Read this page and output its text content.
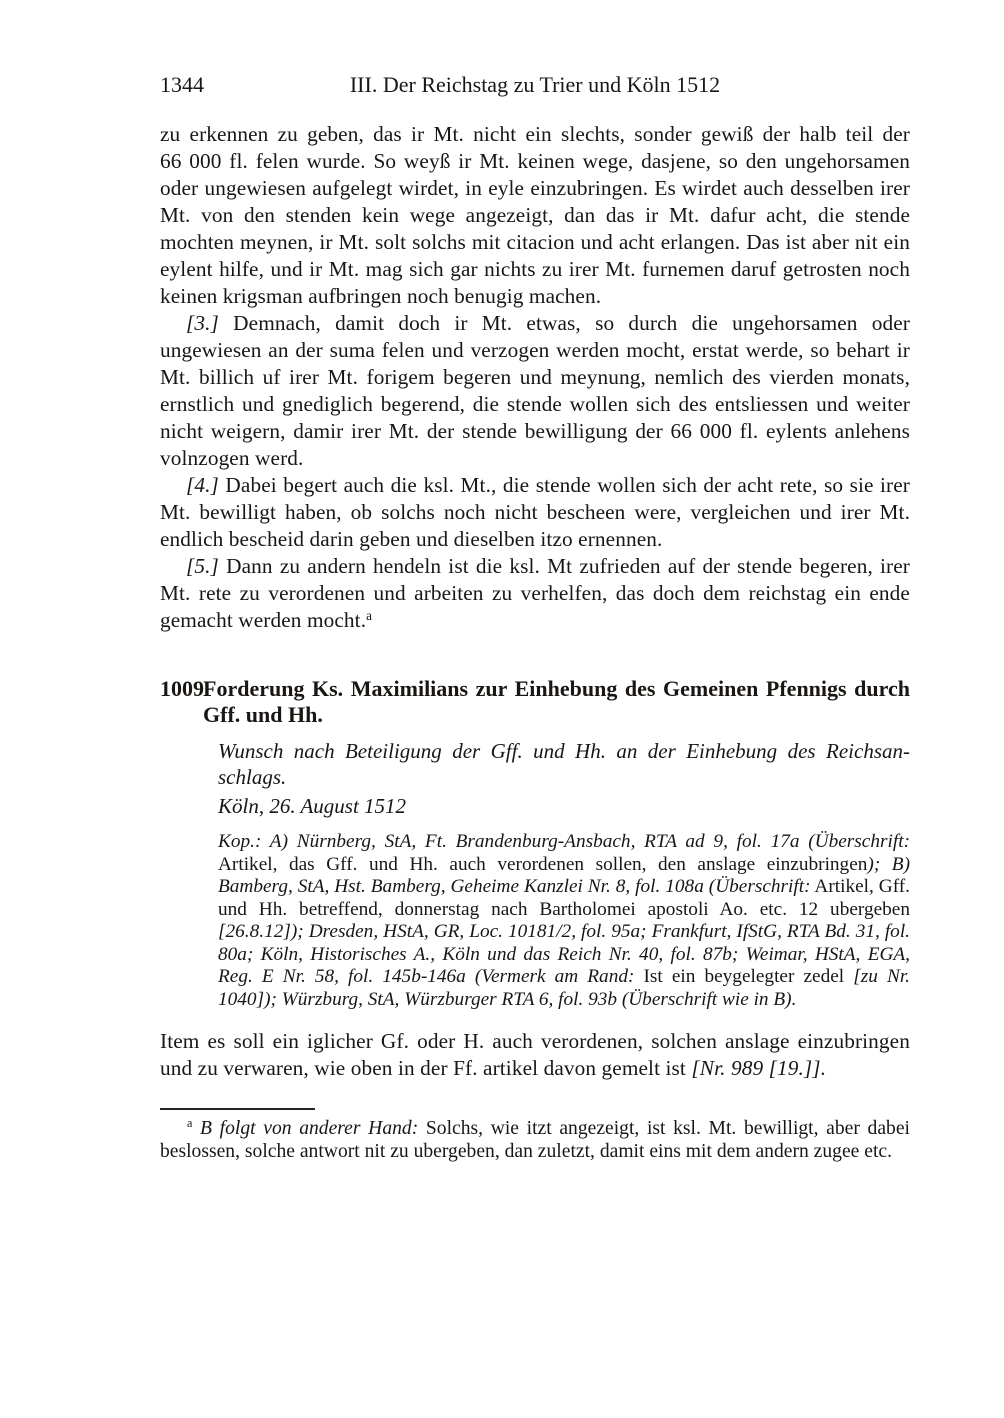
1344	III. Der Reichstag zu Trier und Köln 1512

zu erkennen zu geben, das ir Mt. nicht ein slechts, sonder gewiß der halb teil der 66 000 fl. felen wurde. So weyß ir Mt. keinen wege, dasjene, so den ungehorsamen oder ungewiesen aufgelegt wirdet, in eyle einzubringen. Es wirdet auch desselben irer Mt. von den stenden kein wege angezeigt, dan das ir Mt. dafur acht, die stende mochten meynen, ir Mt. solt solchs mit citacion und acht erlangen. Das ist aber nit ein eylent hilfe, und ir Mt. mag sich gar nichts zu irer Mt. furnemen daruf getrosten noch keinen krigsman aufbringen noch benugig machen.

[3.] Demnach, damit doch ir Mt. etwas, so durch die ungehorsamen oder ungewiesen an der suma felen und verzogen werden mocht, erstat werde, so behart ir Mt. billich uf irer Mt. forigem begeren und meynung, nemlich des vierden monats, ernstlich und gnediglich begerend, die stende wollen sich des entsliessen und weiter nicht weigern, damir irer Mt. der stende bewilligung der 66 000 fl. eylents anlehens volnzogen werd.

[4.] Dabei begert auch die ksl. Mt., die stende wollen sich der acht rete, so sie irer Mt. bewilligt haben, ob solchs noch nicht bescheen were, vergleichen und irer Mt. endlich bescheid darin geben und dieselben itzo ernennen.

[5.] Dann zu andern hendeln ist die ksl. Mt zufrieden auf der stende begeren, irer Mt. rete zu verordenen und arbeiten zu verhelfen, das doch dem reichstag ein ende gemacht werden mocht.$^a$

1009 Forderung Ks. Maximilians zur Einhebung des Gemeinen Pfennigs durch Gff. und Hh.

Wunsch nach Beteiligung der Gff. und Hh. an der Einhebung des Reichsanschlags.

Köln, 26. August 1512

Kop.: A) Nürnberg, StA, Ft. Brandenburg-Ansbach, RTA ad 9, fol. 17a (Überschrift: Artikel, das Gff. und Hh. auch verordenen sollen, den anslage einzubringen); B) Bamberg, StA, Hst. Bamberg, Geheime Kanzlei Nr. 8, fol. 108a (Überschrift: Artikel, Gff. und Hh. betreffend, donnerstag nach Bartholomei apostoli Ao. etc. 12 ubergeben [26.8.12]); Dresden, HStA, GR, Loc. 10181/2, fol. 95a; Frankfurt, IfStG, RTA Bd. 31, fol. 80a; Köln, Historisches A., Köln und das Reich Nr. 40, fol. 87b; Weimar, HStA, EGA, Reg. E Nr. 58, fol. 145b-146a (Vermerk am Rand: Ist ein beygelegter zedel [zu Nr. 1040]); Würzburg, StA, Würzburger RTA 6, fol. 93b (Überschrift wie in B).

Item es soll ein iglicher Gf. oder H. auch verordenen, solchen anslage einzubringen und zu verwaren, wie oben in der Ff. artikel davon gemelt ist [Nr. 989 [19.]].

$^a$ B folgt von anderer Hand: Solchs, wie itzt angezeigt, ist ksl. Mt. bewilligt, aber dabei beslossen, solche antwort nit zu ubergeben, dan zuletzt, damit eins mit dem andern zugee etc.
